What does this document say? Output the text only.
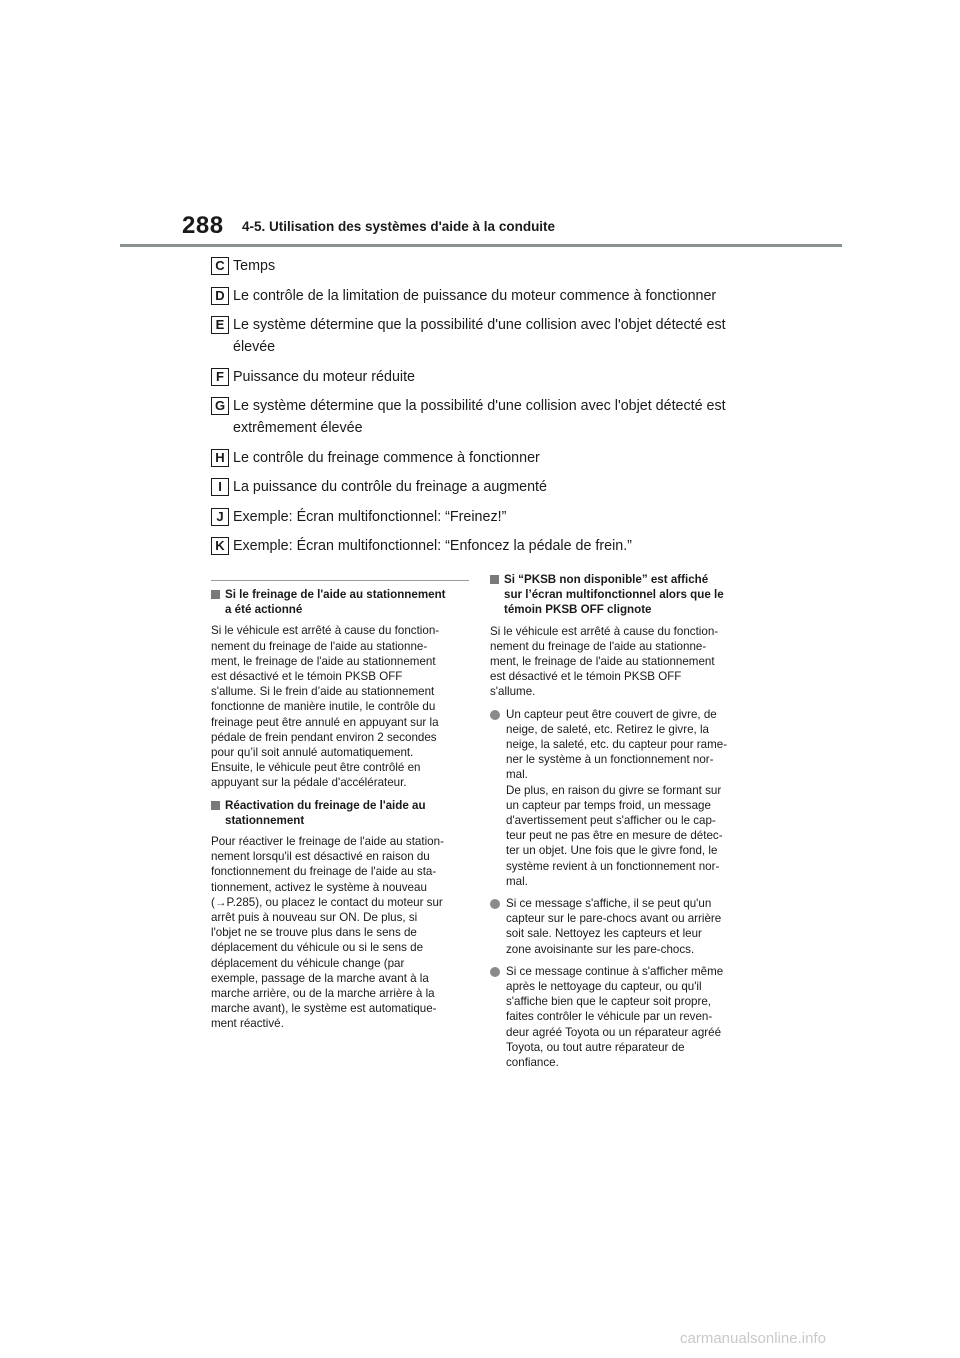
288 4-5. Utilisation des systèmes d'aide à la conduite
C Temps
D Le contrôle de la limitation de puissance du moteur commence à fonctionner
E Le système détermine que la possibilité d'une collision avec l'objet détecté est
élevée
F Puissance du moteur réduite
G Le système détermine que la possibilité d'une collision avec l'objet détecté est
extrêmement élevée
H Le contrôle du freinage commence à fonctionner
I La puissance du contrôle du freinage a augmenté
J Exemple: Écran multifonctionnel: “Freinez!”
K Exemple: Écran multifonctionnel: “Enfoncez la pédale de frein.”
Si le freinage de l'aide au stationnement
a été actionné
Si le véhicule est arrêté à cause du fonction-
nement du freinage de l'aide au stationne-
ment, le freinage de l'aide au stationnement
est désactivé et le témoin PKSB OFF
s'allume. Si le frein d’aide au stationnement
fonctionne de manière inutile, le contrôle du
freinage peut être annulé en appuyant sur la
pédale de frein pendant environ 2 secondes
pour qu’il soit annulé automatiquement.
Ensuite, le véhicule peut être contrôlé en
appuyant sur la pédale d'accélérateur.
Réactivation du freinage de l'aide au
stationnement
Pour réactiver le freinage de l'aide au station-
nement lorsqu'il est désactivé en raison du
fonctionnement du freinage de l'aide au sta-
tionnement, activez le système à nouveau
(→P.285), ou placez le contact du moteur sur
arrêt puis à nouveau sur ON. De plus, si
l'objet ne se trouve plus dans le sens de
déplacement du véhicule ou si le sens de
déplacement du véhicule change (par
exemple, passage de la marche avant à la
marche arrière, ou de la marche arrière à la
marche avant), le système est automatique-
ment réactivé.
Si “PKSB non disponible” est affiché
sur l’écran multifonctionnel alors que le
témoin PKSB OFF clignote
Si le véhicule est arrêté à cause du fonction-
nement du freinage de l'aide au stationne-
ment, le freinage de l'aide au stationnement
est désactivé et le témoin PKSB OFF
s'allume.
Un capteur peut être couvert de givre, de
neige, de saleté, etc. Retirez le givre, la
neige, la saleté, etc. du capteur pour rame-
ner le système à un fonctionnement nor-
mal.
De plus, en raison du givre se formant sur
un capteur par temps froid, un message
d'avertissement peut s'afficher ou le cap-
teur peut ne pas être en mesure de détec-
ter un objet. Une fois que le givre fond, le
système revient à un fonctionnement nor-
mal.
Si ce message s'affiche, il se peut qu'un
capteur sur le pare-chocs avant ou arrière
soit sale. Nettoyez les capteurs et leur
zone avoisinante sur les pare-chocs.
Si ce message continue à s'afficher même
après le nettoyage du capteur, ou qu'il
s'affiche bien que le capteur soit propre,
faites contrôler le véhicule par un reven-
deur agréé Toyota ou un réparateur agréé
Toyota, ou tout autre réparateur de
confiance.
carmanualsonline.info
